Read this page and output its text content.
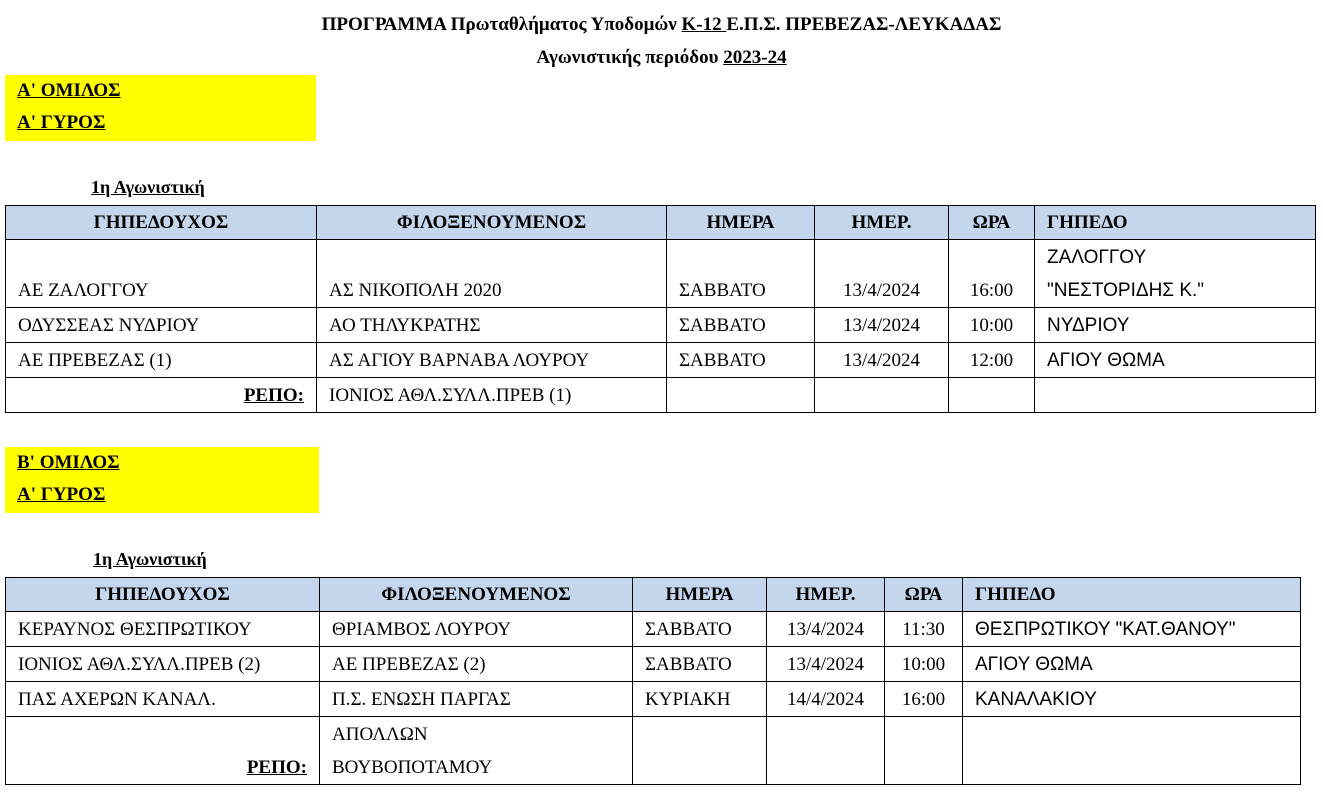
ΠΡΟΓΡΑΜΜΑ Πρωταθλήματος Υποδομών Κ-12 Ε.Π.Σ. ΠΡΕΒΕΖΑΣ-ΛΕΥΚΑΔΑΣ
Αγωνιστικής περιόδου 2023-24
Α' ΟΜΙΛΟΣ
Α' ΓΥΡΟΣ
1η Αγωνιστική
ΓΗΠΕΔΟΥΧΟΣ	ΦΙΛΟΞΕΝΟΥΜΕΝΟΣ	ΗΜΕΡΑ	ΗΜΕΡ.	ΩΡΑ	ΓΗΠΕΔΟ
ΑΕ ΖΑΛΟΓΓΟΥ	ΑΣ ΝΙΚΟΠΟΛΗ 2020	ΣΑΒΒΑΤΟ	13/4/2024	16:00	ΖΑΛΟΓΓΟΥ
"ΝΕΣΤΟΡΙΔΗΣ Κ."

ΟΔΥΣΣΕΑΣ ΝΥΔΡΙΟΥ	ΑΟ ΤΗΛΥΚΡΑΤΗΣ	ΣΑΒΒΑΤΟ	13/4/2024	10:00	ΝΥΔΡΙΟΥ
ΑΕ ΠΡΕΒΕΖΑΣ (1)	ΑΣ ΑΓΙΟΥ ΒΑΡΝΑΒΑ ΛΟΥΡΟΥ	ΣΑΒΒΑΤΟ	13/4/2024	12:00	ΑΓΙΟΥ ΘΩΜΑ
ΡΕΠΟ:	ΙΟΝΙΟΣ ΑΘΛ.ΣΥΛΛ.ΠΡΕΒ (1)				
Β' ΟΜΙΛΟΣ
Α' ΓΥΡΟΣ
1η Αγωνιστική
ΓΗΠΕΔΟΥΧΟΣ	ΦΙΛΟΞΕΝΟΥΜΕΝΟΣ	ΗΜΕΡΑ	ΗΜΕΡ.	ΩΡΑ	ΓΗΠΕΔΟ
ΚΕΡΑΥΝΟΣ ΘΕΣΠΡΩΤΙΚΟΥ	ΘΡΙΑΜΒΟΣ ΛΟΥΡΟΥ	ΣΑΒΒΑΤΟ	13/4/2024	11:30	ΘΕΣΠΡΩΤΙΚΟΥ "ΚΑΤ.ΘΑΝΟΥ"
ΙΟΝΙΟΣ ΑΘΛ.ΣΥΛΛ.ΠΡΕΒ (2)	ΑΕ ΠΡΕΒΕΖΑΣ (2)	ΣΑΒΒΑΤΟ	13/4/2024	10:00	ΑΓΙΟΥ ΘΩΜΑ
ΠΑΣ ΑΧΕΡΩΝ ΚΑΝΑΛ.	Π.Σ. ΕΝΩΣΗ ΠΑΡΓΑΣ	ΚΥΡΙΑΚΗ	14/4/2024	16:00	ΚΑΝΑΛΑΚΙΟΥ
ΡΕΠΟ:	ΑΠΟΛΛΩΝ
ΒΟΥΒΟΠΟΤΑΜΟΥ				
